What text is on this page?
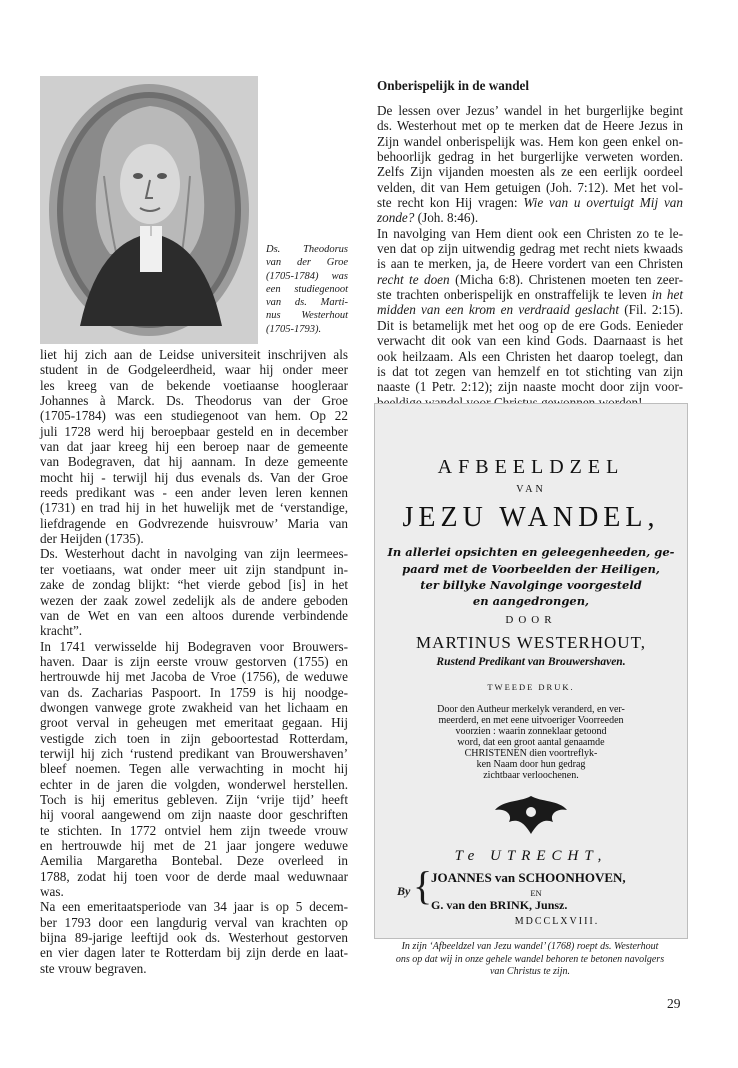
Ds. Theodorus
van der Groe
(1705-1784) was
een studiegenoot
van ds. Marti-
nus Westerhout
(1705-1793).
liet hij zich aan de Leidse universiteit inschrijven als
student in de Godgeleerdheid, waar hij onder meer
les kreeg van de bekende voetiaanse hoogleraar
Johannes à Marck. Ds. Theodorus van der Groe
(1705-1784) was een studiegenoot van hem. Op 22
juli 1728 werd hij beroepbaar gesteld en in december
van dat jaar kreeg hij een beroep naar de gemeente
van Bodegraven, dat hij aannam. In deze gemeente
mocht hij - terwijl hij dus evenals ds. Van der Groe
reeds predikant was - een ander leven leren kennen
(1731) en trad hij in het huwelijk met de ‘verstandige,
liefdragende en Godvrezende huisvrouw’ Maria van
der Heijden (1735).
Ds. Westerhout dacht in navolging van zijn leermees-
ter voetiaans, wat onder meer uit zijn standpunt in-
zake de zondag blijkt: “het vierde gebod [is] in het
wezen der zaak zowel zedelijk als de andere geboden
van de Wet en van een altoos durende verbindende
kracht”.
In 1741 verwisselde hij Bodegraven voor Brouwers-
haven. Daar is zijn eerste vrouw gestorven (1755) en
hertrouwde hij met Jacoba de Vroe (1756), de weduwe
van ds. Zacharias Paspoort. In 1759 is hij noodge-
dwongen vanwege grote zwakheid van het lichaam en
groot verval in geheugen met emeritaat gegaan. Hij
vestigde zich toen in zijn geboortestad Rotterdam,
terwijl hij zich ‘rustend predikant van Brouwershaven’
bleef noemen. Tegen alle verwachting in mocht hij
echter in de jaren die volgden, wonderwel herstellen.
Toch is hij emeritus gebleven. Zijn ‘vrije tijd’ heeft
hij vooral aangewend om zijn naaste door geschriften
te stichten. In 1772 ontviel hem zijn tweede vrouw
en hertrouwde hij met de 21 jaar jongere weduwe
Aemilia Margaretha Bontebal. Deze overleed in
1788, zodat hij toen voor de derde maal weduwnaar
was.
Na een emeritaatsperiode van 34 jaar is op 5 decem-
ber 1793 door een langdurig verval van krachten op
bijna 89-jarige leeftijd ook ds. Westerhout gestorven
en vier dagen later te Rotterdam bij zijn derde en laat-
ste vrouw begraven.
Onberispelijk in de wandel
De lessen over Jezus’ wandel in het burgerlijke begint
ds. Westerhout met op te merken dat de Heere Jezus in
Zijn wandel onberispelijk was. Hem kon geen enkel on-
behoorlijk gedrag in het burgerlijke verweten worden.
Zelfs Zijn vijanden moesten als ze een eerlijk oordeel
velden, dit van Hem getuigen (Joh. 7:12). Met het vol-
ste recht kon Hij vragen: Wie van u overtuigt Mij van
zonde? (Joh. 8:46).
In navolging van Hem dient ook een Christen zo te le-
ven dat op zijn uitwendig gedrag met recht niets kwaads
is aan te merken, ja, de Heere vordert van een Christen
recht te doen (Micha 6:8). Christenen moeten ten zeer-
ste trachten onberispelijk en onstraffelijk te leven in het
midden van een krom en verdraaid geslacht (Fil. 2:15).
Dit is betamelijk met het oog op de ere Gods. Eenieder
verwacht dit ook van een kind Gods. Daarnaast is het
ook heilzaam. Als een Christen het daarop toelegt, dan
is dat tot zegen van hemzelf en tot stichting van zijn
naaste (1 Petr. 2:12); zijn naaste mocht door zijn voor-
AFBEELDZEL
VAN
JEZU WANDEL,
In allerlei opsichten en geleegenheeden, ge-
paard met de Voorbeelden der Heiligen,
ter billyke Navolginge voorgesteld
en aangedrongen,
DOOR
MARTINUS WESTERHOUT,
Rustend Predikant van Brouwershaven.
TWEEDE DRUK.
Door den Autheur merkelyk veranderd, en ver-
meerderd, en met eene uitvoeriger Voorreeden
voorzien : waarin zonneklaar getoond
word, dat een groot aantal genaamde
CHRISTENEN dien voortreflyk-
ken Naam door hun gedrag
zichtbaar verloochenen.
Te UTRECHT,
By {
JOANNES van SCHOONHOVEN,
EN
G. van den BRINK, Junsz.
MDCCLXVIII.
In zijn ‘Afbeeldzel van Jezu wandel’ (1768) roept ds. Westerhout
ons op dat wij in onze gehele wandel behoren te betonen navolgers
van Christus te zijn.
29
